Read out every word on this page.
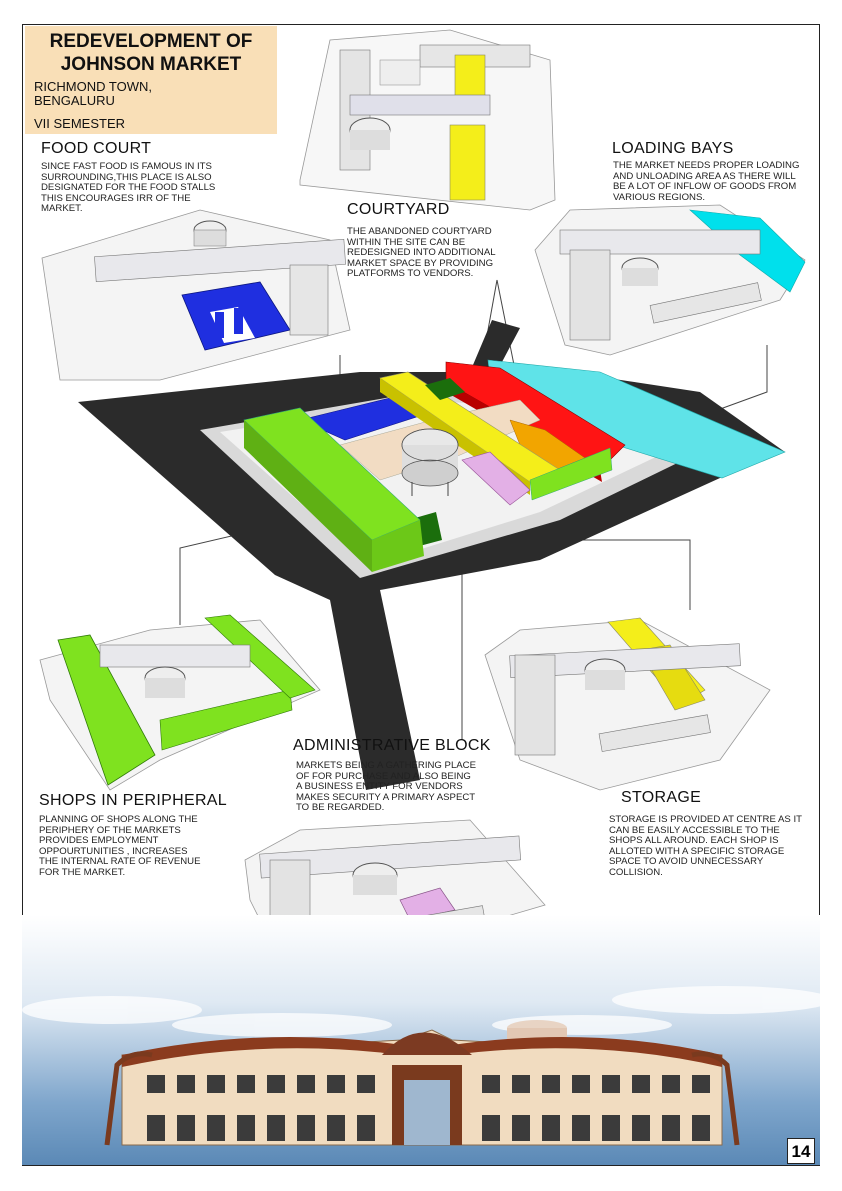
REDEVELOPMENT OF JOHNSON MARKET
RICHMOND TOWN, BENGALURU
VII SEMESTER
FOOD COURT
SINCE FAST FOOD IS FAMOUS IN ITS SURROUNDING,THIS PLACE IS ALSO DESIGNATED FOR THE FOOD STALLS THIS ENCOURAGES IRR OF THE MARKET.	COURTYARD
THE ABANDONED COURTYARD WITHIN THE SITE CAN BE REDESIGNED INTO ADDITIONAL MARKET SPACE BY PROVIDING PLATFORMS TO VENDORS.
LOADING BAYS
THE MARKET NEEDS PROPER LOADING AND UNLOADING AREA AS THERE WILL BE A LOT OF INFLOW OF GOODS FROM VARIOUS REGIONS.
SHOPS IN PERIPHERAL
PLANNING OF SHOPS ALONG THE PERIPHERY OF THE MARKETS PROVIDES EMPLOYMENT OPPOURTUNITIES , INCREASES THE INTERNAL RATE OF REVENUE FOR THE MARKET.
ADMINISTRATIVE BLOCK
MARKETS BEING A GATHERING PLACE OF FOR PURCHASE AND ALSO BEING A BUSINESS ENTITY FOR VENDORS MAKES SECURITY A PRIMARY ASPECT TO BE REGARDED.
STORAGE
STORAGE IS PROVIDED AT CENTRE AS IT CAN BE EASILY ACCESSIBLE TO THE SHOPS ALL AROUND. EACH SHOP IS ALLOTED WITH A SPECIFIC STORAGE SPACE TO AVOID UNNECESSARY COLLISION.
14
